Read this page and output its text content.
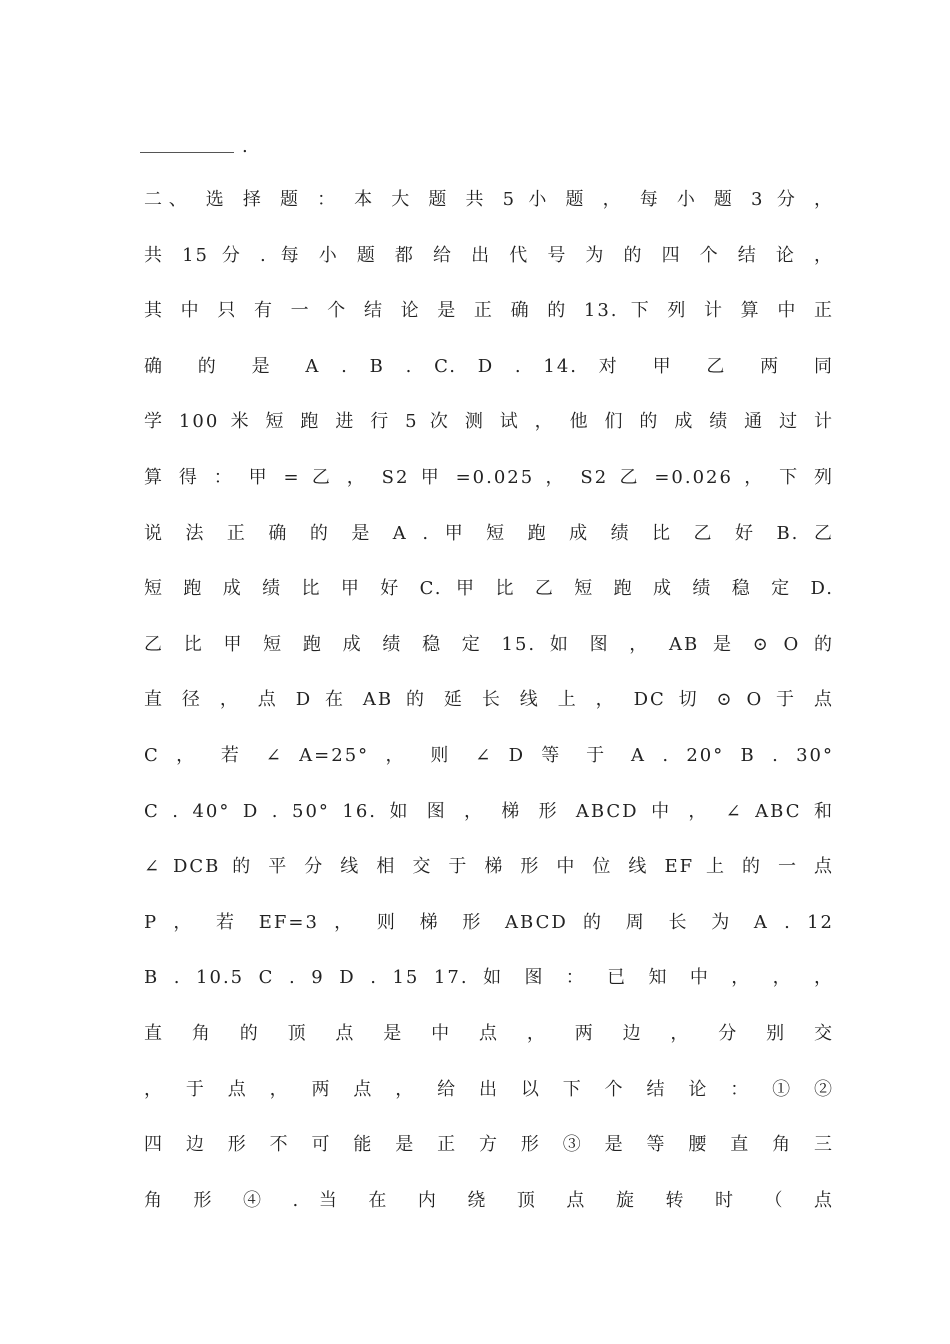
.
二、 选 择 题 ： 本 大 题 共 5 小 题 ， 每 小 题 3 分 ，
共 15 分 . 每 小 题 都 给 出 代 号 为 的 四 个 结 论 ，
其 中 只 有 一 个 结 论 是 正 确 的 13. 下 列 计 算 中 正
确 的 是 A . B . C. D . 14. 对 甲 乙 两 同
学 100 米 短 跑 进 行 5 次 测 试 ， 他 们 的 成 绩 通 过 计
算 得 ： 甲 = 乙 ， S2 甲 =0.025 ， S2 乙 =0.026 ， 下 列
说 法 正 确 的 是 A . 甲 短 跑 成 绩 比 乙 好 B. 乙
短 跑 成 绩 比 甲 好 C. 甲 比 乙 短 跑 成 绩 稳 定 D.
乙 比 甲 短 跑 成 绩 稳 定 15. 如 图 ， AB 是 ⊙ O 的
直 径 ， 点 D 在 AB 的 延 长 线 上 ， DC 切 ⊙ O 于 点
C ， 若 ∠ A=25° ， 则 ∠ D 等 于 A . 20° B . 30°
C . 40° D . 50° 16. 如 图 ， 梯 形 ABCD 中 ， ∠ ABC 和
∠ DCB 的 平 分 线 相 交 于 梯 形 中 位 线 EF 上 的 一 点
P ， 若 EF=3 ， 则 梯 形 ABCD 的 周 长 为 A . 12
B . 10.5 C . 9 D . 15 17. 如 图 ： 已 知 中 ， ， ，
直 角 的 顶 点 是 中 点 ， 两 边 ， 分 别 交
， 于 点 ， 两 点 ， 给 出 以 下 个 结 论 ： ① ②
四 边 形 不 可 能 是 正 方 形 ③ 是 等 腰 直 角 三
角 形 ④ . 当 在 内 绕 顶 点 旋 转 时 （ 点
